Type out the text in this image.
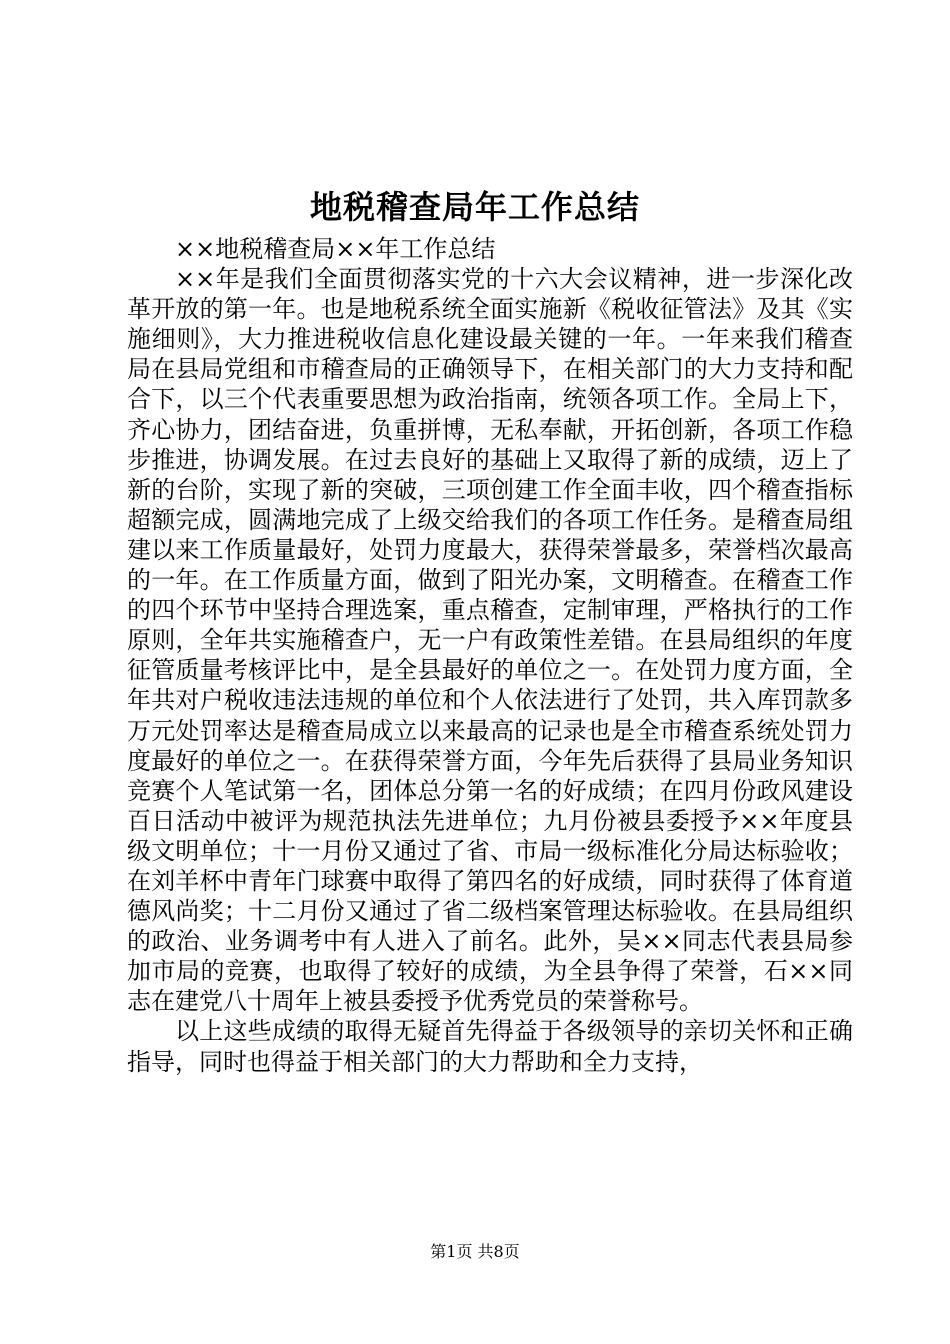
地税稽查局年工作总结

××地税稽查局××年工作总结

××年是我们全面贯彻落实党的十六大会议精神，进一步深化改革开放的第一年。也是地税系统全面实施新《税收征管法》及其《实施细则》，大力推进税收信息化建设最关键的一年。一年来我们稽查局在县局党组和市稽查局的正确领导下，在相关部门的大力支持和配合下，以三个代表重要思想为政治指南，统领各项工作。全局上下，齐心协力，团结奋进，负重拼博，无私奉献，开拓创新，各项工作稳步推进，协调发展。在过去良好的基础上又取得了新的成绩，迈上了新的台阶，实现了新的突破，三项创建工作全面丰收，四个稽查指标超额完成，圆满地完成了上级交给我们的各项工作任务。是稽查局组建以来工作质量最好，处罚力度最大，获得荣誉最多，荣誉档次最高的一年。在工作质量方面，做到了阳光办案，文明稽查。在稽查工作的四个环节中坚持合理选案，重点稽查，定制审理，严格执行的工作原则，全年共实施稽查户，无一户有政策性差错。在县局组织的年度征管质量考核评比中，是全县最好的单位之一。在处罚力度方面，全年共对户税收违法违规的单位和个人依法进行了处罚，共入库罚款多万元处罚率达是稽查局成立以来最高的记录也是全市稽查系统处罚力度最好的单位之一。在获得荣誉方面，今年先后获得了县局业务知识竞赛个人笔试第一名，团体总分第一名的好成绩；在四月份政风建设百日活动中被评为规范执法先进单位；九月份被县委授予××年度县级文明单位；十一月份又通过了省、市局一级标准化分局达标验收；在刘羊杯中青年门球赛中取得了第四名的好成绩，同时获得了体育道德风尚奖；十二月份又通过了省二级档案管理达标验收。在县局组织的政治、业务调考中有人进入了前名。此外，吴××同志代表县局参加市局的竞赛，也取得了较好的成绩，为全县争得了荣誉，石××同志在建党八十周年上被县委授予优秀党员的荣誉称号。

以上这些成绩的取得无疑首先得益于各级领导的亲切关怀和正确指导，同时也得益于相关部门的大力帮助和全力支持，

第1页 共8页
